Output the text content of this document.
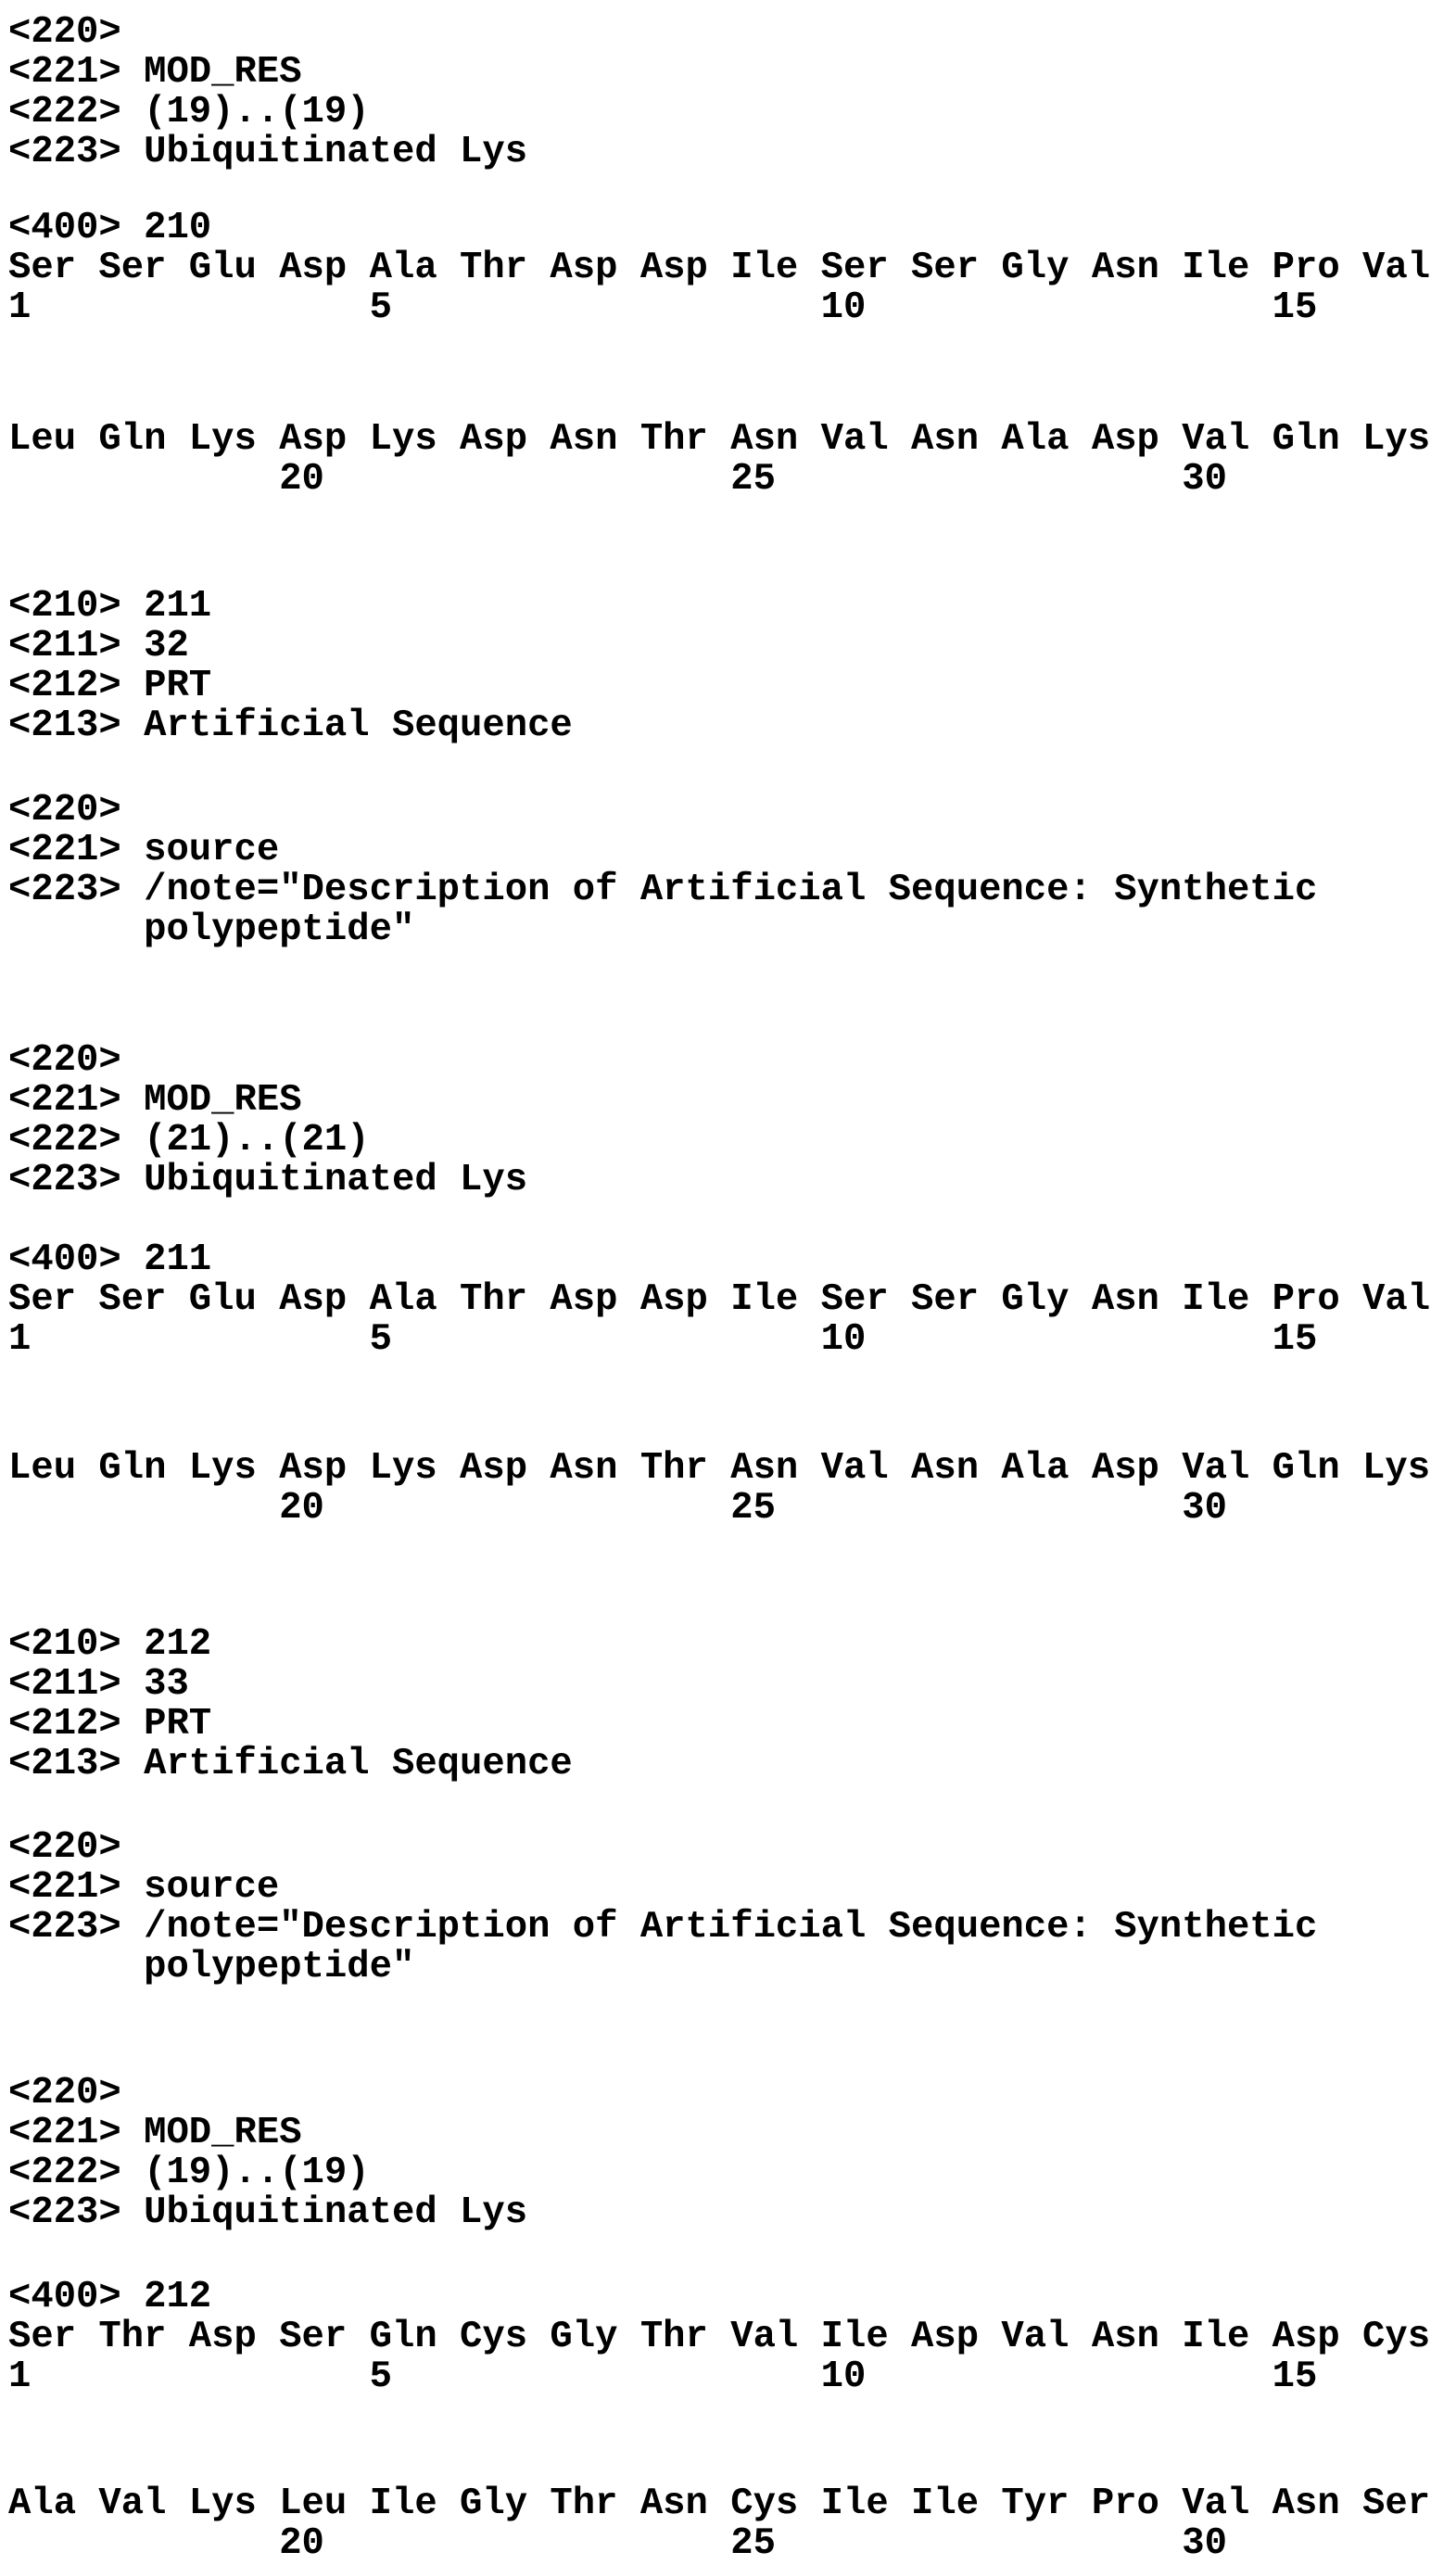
<220>
<221> MOD_RES
<222> (19)..(19)
<223> Ubiquitinated Lys
<400> 210
Ser Ser Glu Asp Ala Thr Asp Asp Ile Ser Ser Gly Asn Ile Pro Val
1               5                   10                  15
Leu Gln Lys Asp Lys Asp Asn Thr Asn Val Asn Ala Asp Val Gln Lys
20                  25                  30
<210> 211
<211> 32
<212> PRT
<213> Artificial Sequence
<220>
<221> source
<223> /note="Description of Artificial Sequence: Synthetic
polypeptide"
<220>
<221> MOD_RES
<222> (21)..(21)
<223> Ubiquitinated Lys
<400> 211
Ser Ser Glu Asp Ala Thr Asp Asp Ile Ser Ser Gly Asn Ile Pro Val
1               5                   10                  15
Leu Gln Lys Asp Lys Asp Asn Thr Asn Val Asn Ala Asp Val Gln Lys
20                  25                  30
<210> 212
<211> 33
<212> PRT
<213> Artificial Sequence
<220>
<221> source
<223> /note="Description of Artificial Sequence: Synthetic
polypeptide"
<220>
<221> MOD_RES
<222> (19)..(19)
<223> Ubiquitinated Lys
<400> 212
Ser Thr Asp Ser Gln Cys Gly Thr Val Ile Asp Val Asn Ile Asp Cys
1               5                   10                  15
Ala Val Lys Leu Ile Gly Thr Asn Cys Ile Ile Tyr Pro Val Asn Ser
20                  25                  30
